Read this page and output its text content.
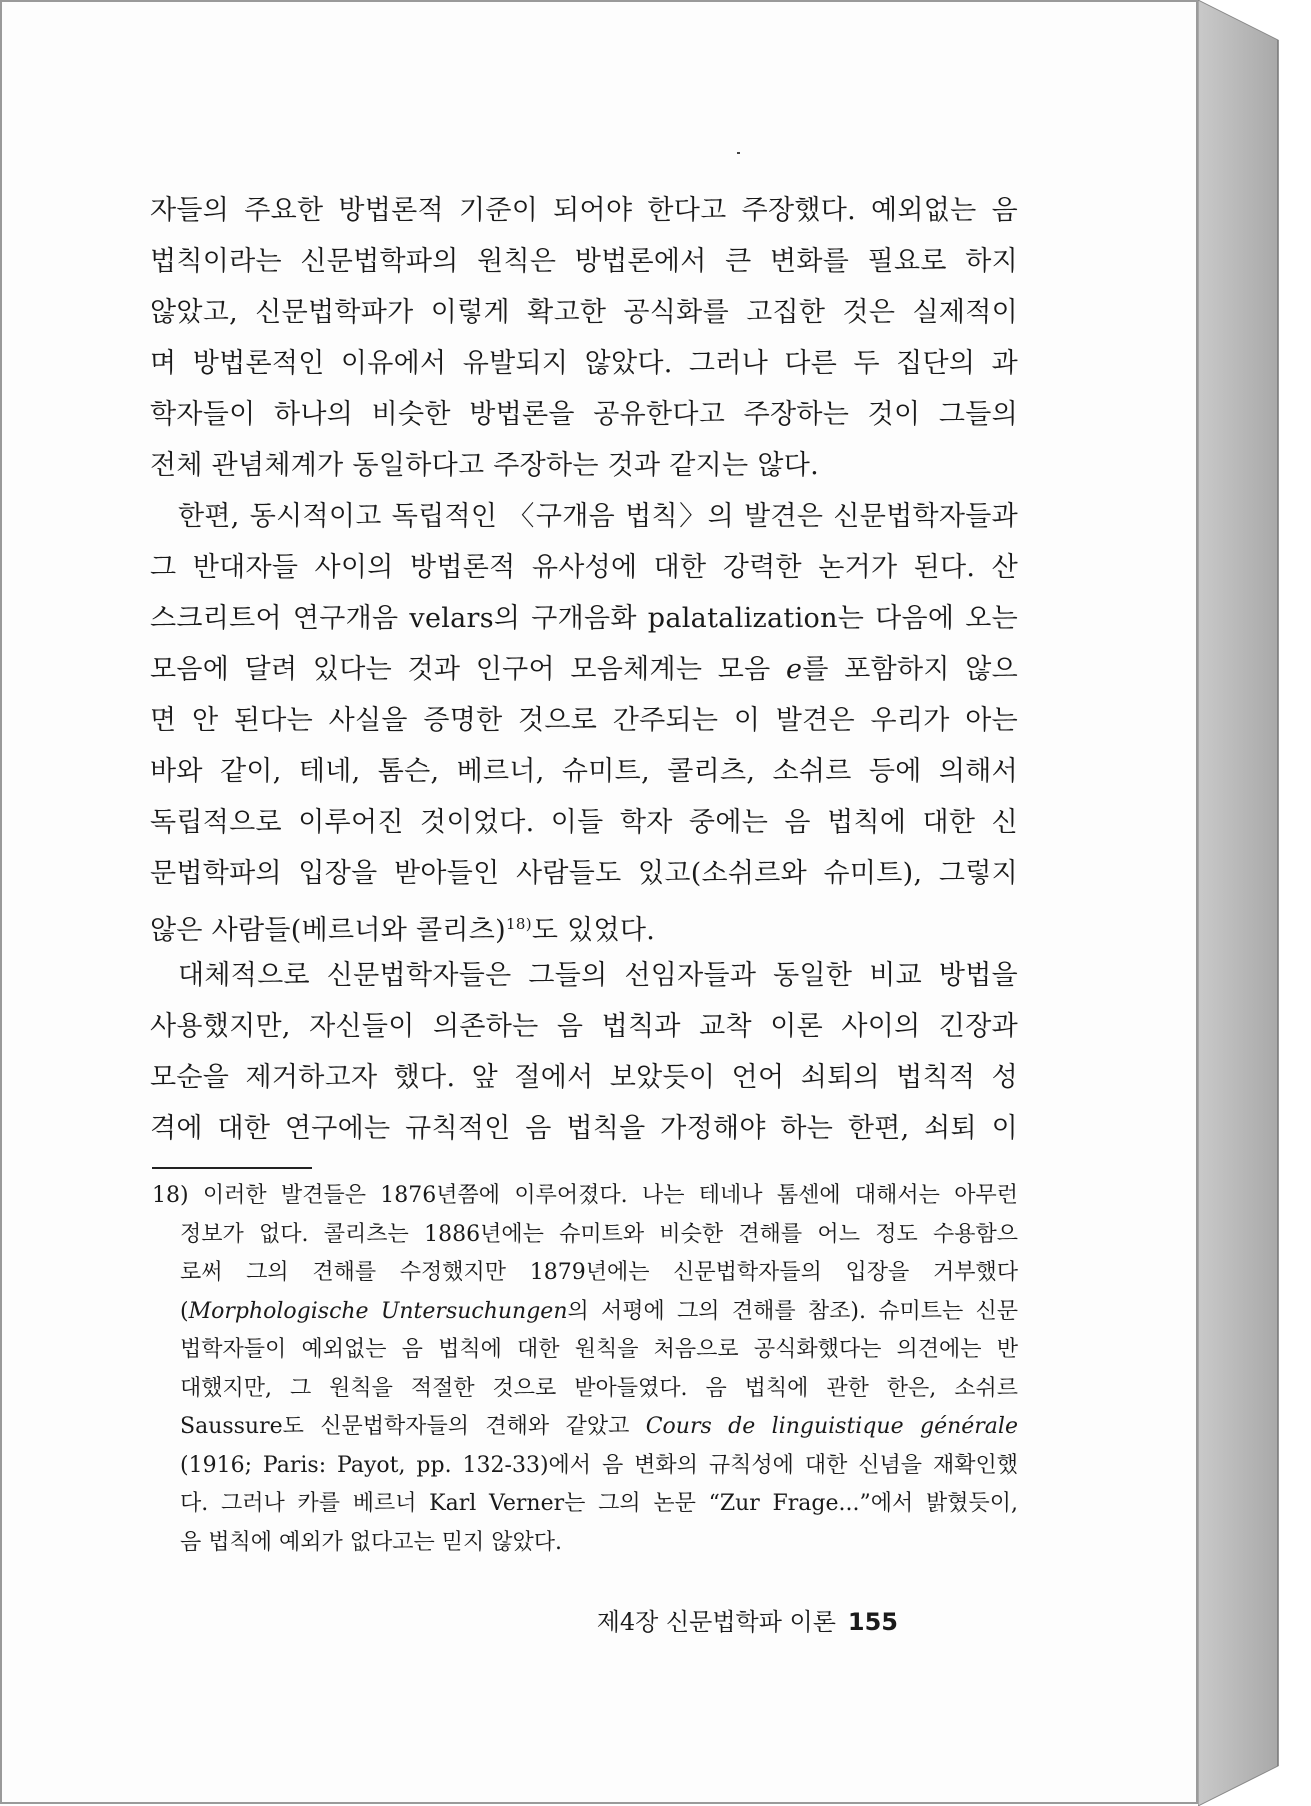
자들의 주요한 방법론적 기준이 되어야 한다고 주장했다. 예외없는 음
법칙이라는 신문법학파의 원칙은 방법론에서 큰 변화를 필요로 하지
않았고, 신문법학파가 이렇게 확고한 공식화를 고집한 것은 실제적이
며 방법론적인 이유에서 유발되지 않았다. 그러나 다른 두 집단의 과
학자들이 하나의 비슷한 방법론을 공유한다고 주장하는 것이 그들의
전체 관념체계가 동일하다고 주장하는 것과 같지는 않다.
한편, 동시적이고 독립적인 〈구개음 법칙〉의 발견은 신문법학자들과
그 반대자들 사이의 방법론적 유사성에 대한 강력한 논거가 된다. 산
스크리트어 연구개음 velars의 구개음화 palatalization는 다음에 오는
모음에 달려 있다는 것과 인구어 모음체계는 모음 e를 포함하지 않으
면 안 된다는 사실을 증명한 것으로 간주되는 이 발견은 우리가 아는
바와 같이, 테네, 톰슨, 베르너, 슈미트, 콜리츠, 소쉬르 등에 의해서
독립적으로 이루어진 것이었다. 이들 학자 중에는 음 법칙에 대한 신
문법학파의 입장을 받아들인 사람들도 있고(소쉬르와 슈미트), 그렇지
않은 사람들(베르너와 콜리츠)$^{18)}$도 있었다.
대체적으로 신문법학자들은 그들의 선임자들과 동일한 비교 방법을
사용했지만, 자신들이 의존하는 음 법칙과 교착 이론 사이의 긴장과
모순을 제거하고자 했다. 앞 절에서 보았듯이 언어 쇠퇴의 법칙적 성
격에 대한 연구에는 규칙적인 음 법칙을 가정해야 하는 한편, 쇠퇴 이
18) 이러한 발견들은 1876년쯤에 이루어졌다. 나는 테네나 톰센에 대해서는 아무런
정보가 없다. 콜리츠는 1886년에는 슈미트와 비슷한 견해를 어느 정도 수용함으
로써 그의 견해를 수정했지만 1879년에는 신문법학자들의 입장을 거부했다
(Morphologische Untersuchungen의 서평에 그의 견해를 참조). 슈미트는 신문
법학자들이 예외없는 음 법칙에 대한 원칙을 처음으로 공식화했다는 의견에는 반
대했지만, 그 원칙을 적절한 것으로 받아들였다. 음 법칙에 관한 한은, 소쉬르
Saussure도 신문법학자들의 견해와 같았고 Cours de linguistique générale
(1916; Paris: Payot, pp. 132-33)에서 음 변화의 규칙성에 대한 신념을 재확인했
다. 그러나 카를 베르너 Karl Verner는 그의 논문 “Zur Frage...”에서 밝혔듯이,
음 법칙에 예외가 없다고는 믿지 않았다.
제4장 신문법학파 이론 155
